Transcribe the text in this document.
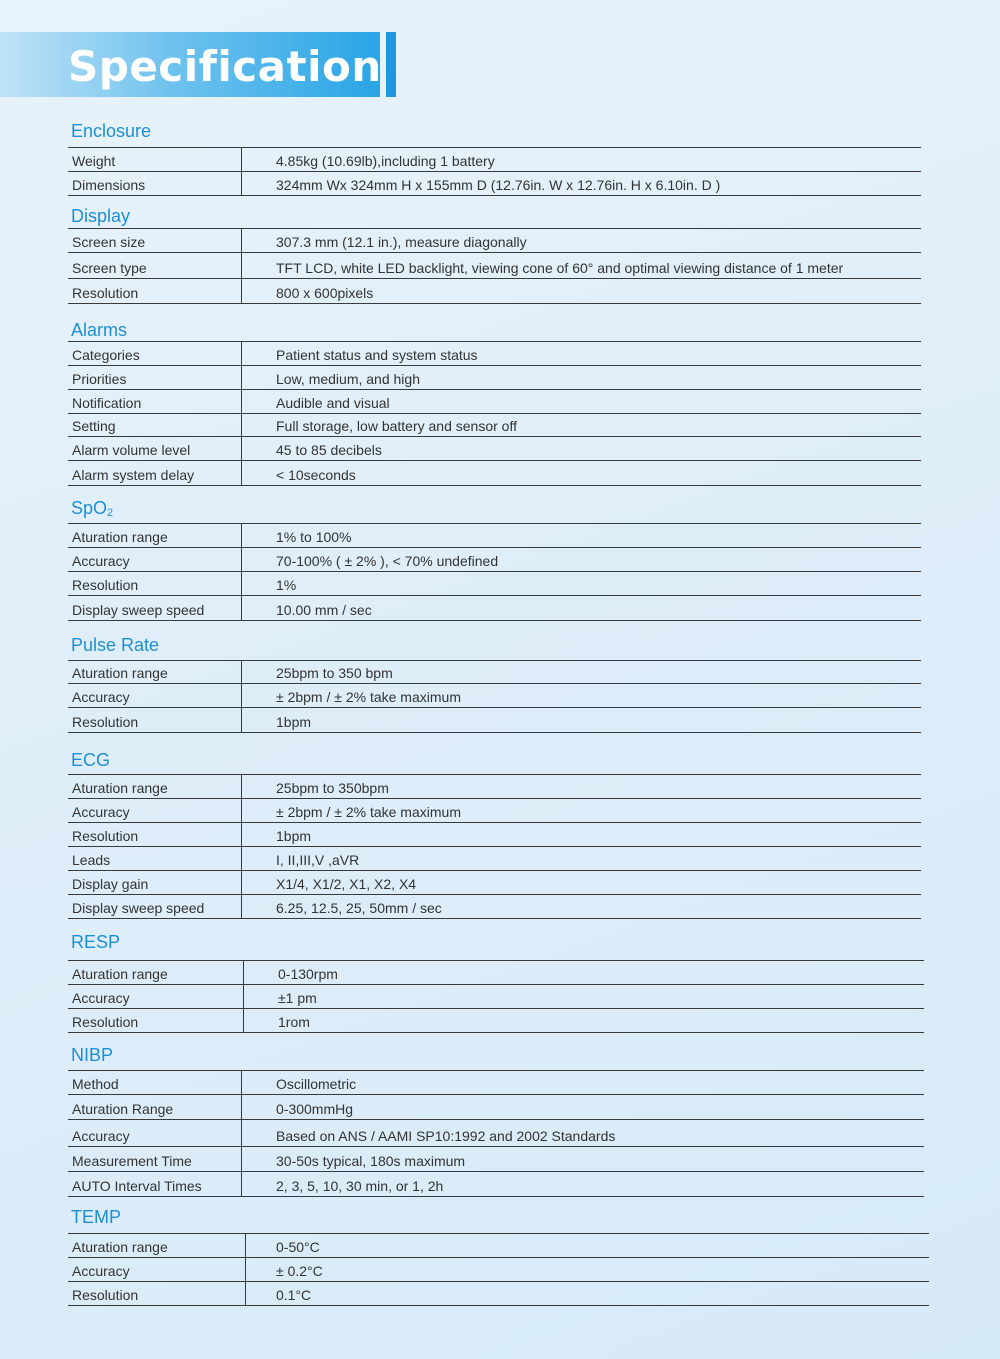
Specification
Enclosure
Weight	4.85kg (10.69lb),including 1 battery
Dimensions	324mm Wx 324mm H x 155mm D (12.76in. W x 12.76in. H x 6.10in. D )
Display
Screen size	307.3 mm (12.1 in.), measure diagonally
Screen type	TFT LCD, white LED backlight, viewing cone of 60° and optimal viewing distance of 1 meter
Resolution	800 x 600pixels
Alarms
Categories	Patient status and system status
Priorities	Low, medium, and high
Notification	Audible and visual
Setting	Full storage, low battery and sensor off
Alarm volume level	45 to 85 decibels
Alarm system delay	< 10seconds
SpO$_2$
Aturation range	1% to 100%
Accuracy	70-100% ( ± 2% ), < 70% undefined
Resolution	1%
Display sweep speed	10.00 mm / sec
Pulse Rate
Aturation range	25bpm to 350 bpm
Accuracy	± 2bpm / ± 2% take maximum
Resolution	1bpm
ECG
Aturation range	25bpm to 350bpm
Accuracy	± 2bpm / ± 2% take maximum
Resolution	1bpm
Leads	I, II,III,V ,aVR
Display gain	X1/4, X1/2, X1, X2, X4
Display sweep speed	6.25, 12.5, 25, 50mm / sec
RESP
Aturation range	0-130rpm
Accuracy	±1 pm
Resolution	1rom
NIBP
Method	Oscillometric
Aturation Range	0-300mmHg
Accuracy	Based on ANS / AAMI SP10:1992 and 2002 Standards
Measurement Time	30-50s typical, 180s maximum
AUTO Interval Times	2, 3, 5, 10, 30 min, or 1, 2h
TEMP
Aturation range	0-50°C
Accuracy	± 0.2°C
Resolution	0.1°C
